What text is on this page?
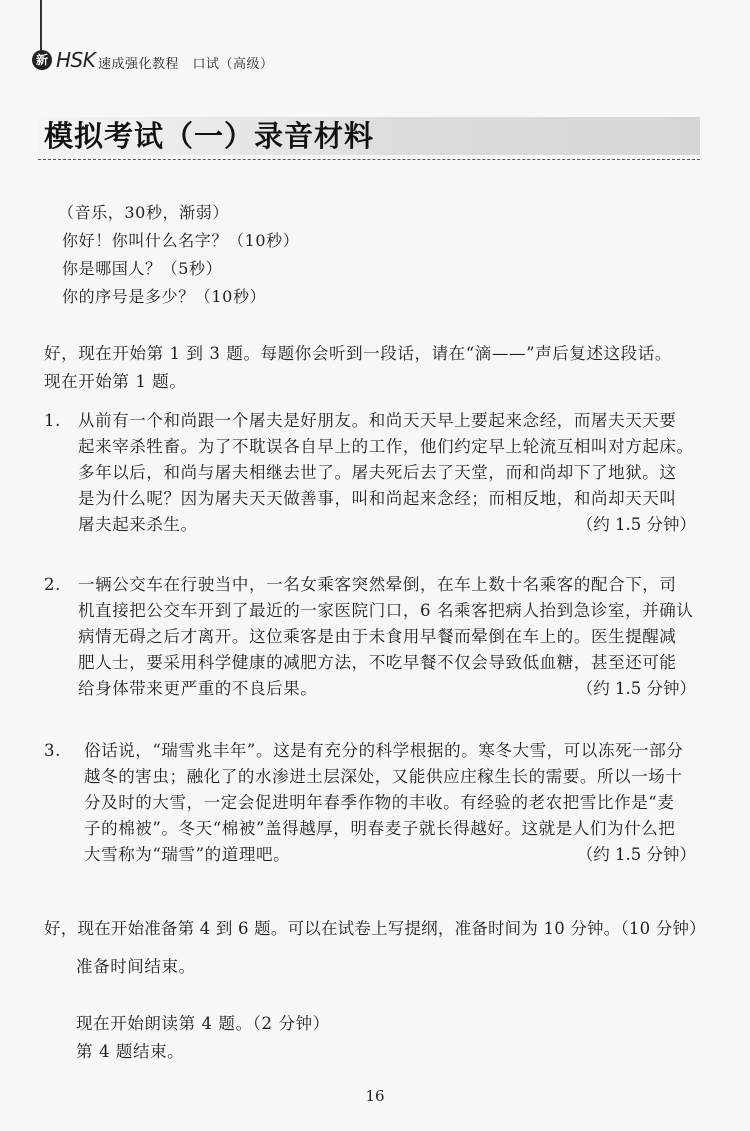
新 HSK 速成强化教程　口试（高级）
模拟考试（一）录音材料
（音乐，30秒，渐弱）
你好！你叫什么名字？（10秒）
你是哪国人？（5秒）
你的序号是多少？（10秒）
好，现在开始第 1 到 3 题。每题你会听到一段话，请在“滴——”声后复述这段话。
现在开始第 1 题。
1. 从前有一个和尚跟一个屠夫是好朋友。和尚天天早上要起来念经，而屠夫天天要
起来宰杀牲畜。为了不耽误各自早上的工作，他们约定早上轮流互相叫对方起床。
多年以后，和尚与屠夫相继去世了。屠夫死后去了天堂，而和尚却下了地狱。这
是为什么呢？因为屠夫天天做善事，叫和尚起来念经；而相反地，和尚却天天叫
屠夫起来杀生。	（约 1.5 分钟）
2. 一辆公交车在行驶当中，一名女乘客突然晕倒，在车上数十名乘客的配合下，司
机直接把公交车开到了最近的一家医院门口，6 名乘客把病人抬到急诊室，并确认
病情无碍之后才离开。这位乘客是由于未食用早餐而晕倒在车上的。医生提醒减
肥人士，要采用科学健康的减肥方法，不吃早餐不仅会导致低血糖，甚至还可能
给身体带来更严重的不良后果。	（约 1.5 分钟）
3. 俗话说，“瑞雪兆丰年”。这是有充分的科学根据的。寒冬大雪，可以冻死一部分
越冬的害虫；融化了的水渗进土层深处，又能供应庄稼生长的需要。所以一场十
分及时的大雪，一定会促进明年春季作物的丰收。有经验的老农把雪比作是“麦
子的棉被”。冬天“棉被”盖得越厚，明春麦子就长得越好。这就是人们为什么把
大雪称为“瑞雪”的道理吧。	（约 1.5 分钟）
好，现在开始准备第 4 到 6 题。可以在试卷上写提纲，准备时间为 10 分钟。（10 分钟）
准备时间结束。
现在开始朗读第 4 题。（2 分钟）
第 4 题结束。
16
